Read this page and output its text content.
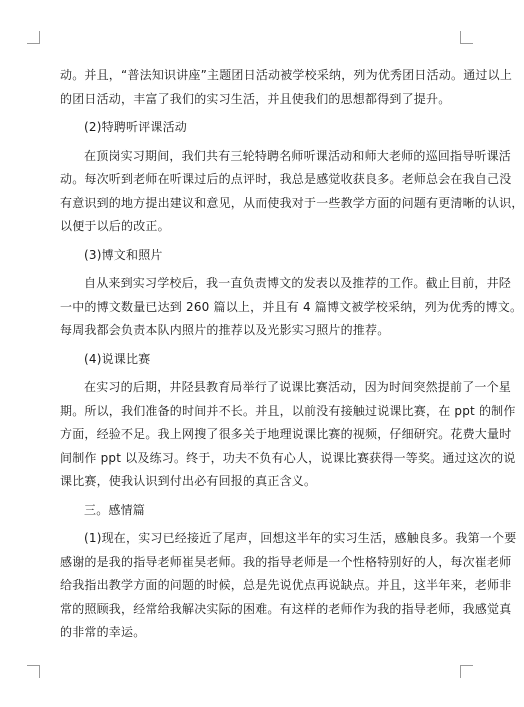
动。并且，“普法知识讲座”主题团日活动被学校采纳，列为优秀团日活动。通过以上
的团日活动，丰富了我们的实习生活，并且使我们的思想都得到了提升。
(2)特聘听评课活动
在顶岗实习期间，我们共有三轮特聘名师听课活动和师大老师的巡回指导听课活
动。每次听到老师在听课过后的点评时，我总是感觉收获良多。老师总会在我自己没
有意识到的地方提出建议和意见，从而使我对于一些教学方面的问题有更清晰的认识，
以便于以后的改正。
(3)博文和照片
自从来到实习学校后，我一直负责博文的发表以及推荐的工作。截止目前，井陉
一中的博文数量已达到 260 篇以上，并且有 4 篇博文被学校采纳，列为优秀的博文。
每周我都会负责本队内照片的推荐以及光影实习照片的推荐。
(4)说课比赛
在实习的后期，井陉县教育局举行了说课比赛活动，因为时间突然提前了一个星
期。所以，我们准备的时间并不长。并且，以前没有接触过说课比赛，在 ppt 的制作
方面，经验不足。我上网搜了很多关于地理说课比赛的视频，仔细研究。花费大量时
间制作 ppt 以及练习。终于，功夫不负有心人，说课比赛获得一等奖。通过这次的说
课比赛，使我认识到付出必有回报的真正含义。
三。感情篇
(1)现在，实习已经接近了尾声，回想这半年的实习生活，感触良多。我第一个要
感谢的是我的指导老师崔昊老师。我的指导老师是一个性格特别好的人，每次崔老师
给我指出教学方面的问题的时候，总是先说优点再说缺点。并且，这半年来，老师非
常的照顾我，经常给我解决实际的困难。有这样的老师作为我的指导老师，我感觉真
的非常的幸运。
